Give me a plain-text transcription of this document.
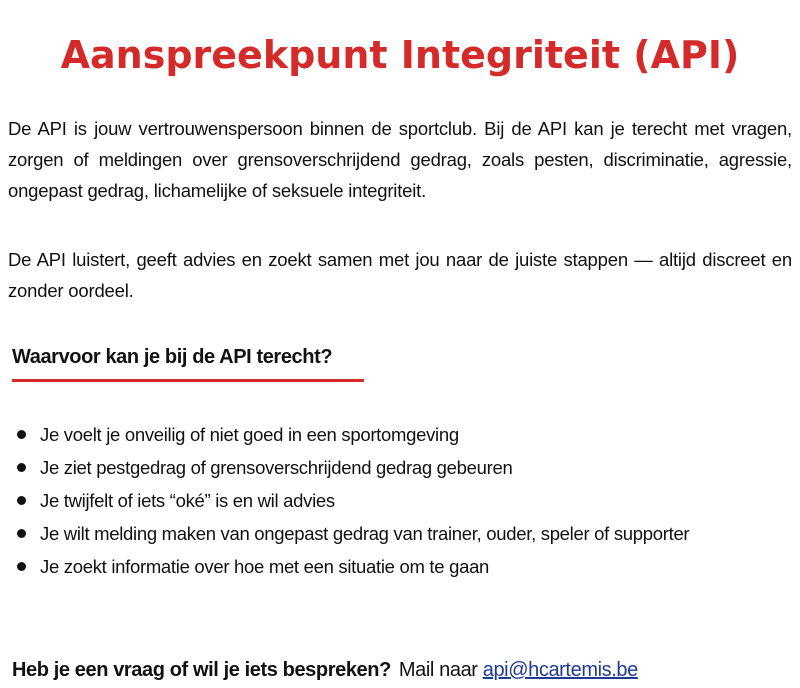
Aanspreekpunt Integriteit (API)

De API is jouw vertrouwenspersoon binnen de sportclub. Bij de API kan je terecht met vragen, zorgen of meldingen over grensoverschrijdend gedrag, zoals pesten, discriminatie, agressie, ongepast gedrag, lichamelijke of seksuele integriteit.

De API luistert, geeft advies en zoekt samen met jou naar de juiste stappen — altijd discreet en zonder oordeel.

Waarvoor kan je bij de API terecht?
Je voelt je onveilig of niet goed in een sportomgeving
Je ziet pestgedrag of grensoverschrijdend gedrag gebeuren
Je twijfelt of iets “oké” is en wil advies
Je wilt melding maken van ongepast gedrag van trainer, ouder, speler of supporter
Je zoekt informatie over hoe met een situatie om te gaan

Heb je een vraag of wil je iets bespreken? Mail naar api@hcartemis.be
